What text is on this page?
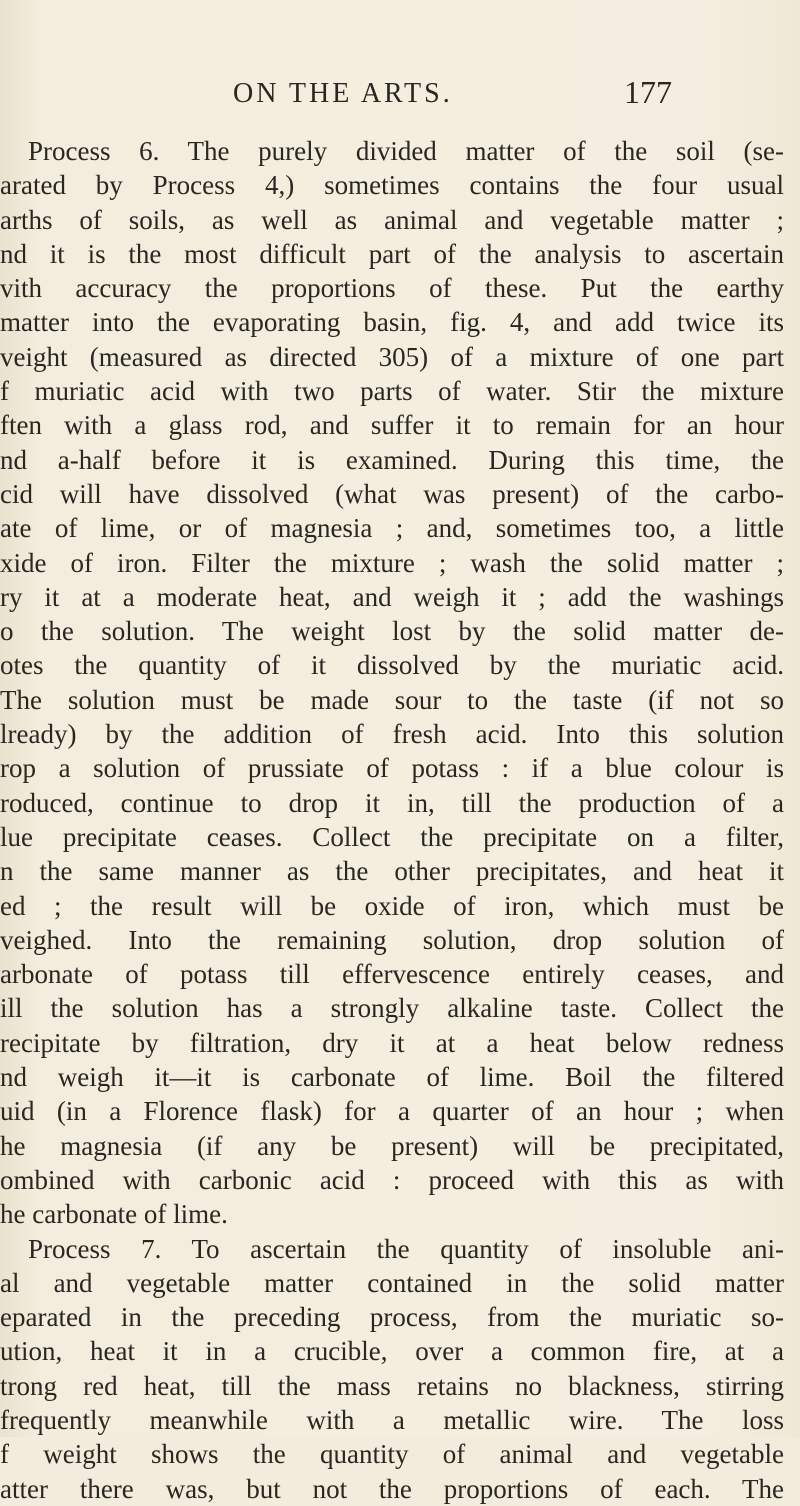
ON THE ARTS.	177
Process 6. The purely divided matter of the soil (se-
arated by Process 4,) sometimes contains the four usual
arths of soils, as well as animal and vegetable matter ;
nd it is the most difficult part of the analysis to ascertain
vith accuracy the proportions of these. Put the earthy
matter into the evaporating basin, fig. 4, and add twice its
veight (measured as directed 305) of a mixture of one part
f muriatic acid with two parts of water. Stir the mixture
ften with a glass rod, and suffer it to remain for an hour
nd a-half before it is examined. During this time, the
cid will have dissolved (what was present) of the carbo-
ate of lime, or of magnesia ; and, sometimes too, a little
xide of iron. Filter the mixture ; wash the solid matter ;
ry it at a moderate heat, and weigh it ; add the washings
o the solution. The weight lost by the solid matter de-
otes the quantity of it dissolved by the muriatic acid.
The solution must be made sour to the taste (if not so
lready) by the addition of fresh acid. Into this solution
rop a solution of prussiate of potass : if a blue colour is
roduced, continue to drop it in, till the production of a
lue precipitate ceases. Collect the precipitate on a filter,
n the same manner as the other precipitates, and heat it
ed ; the result will be oxide of iron, which must be
veighed. Into the remaining solution, drop solution of
arbonate of potass till effervescence entirely ceases, and
ill the solution has a strongly alkaline taste. Collect the
recipitate by filtration, dry it at a heat below redness
nd weigh it—it is carbonate of lime. Boil the filtered
uid (in a Florence flask) for a quarter of an hour ; when
he magnesia (if any be present) will be precipitated,
ombined with carbonic acid : proceed with this as with
he carbonate of lime.
Process 7. To ascertain the quantity of insoluble ani-
al and vegetable matter contained in the solid matter
eparated in the preceding process, from the muriatic so-
ution, heat it in a crucible, over a common fire, at a
trong red heat, till the mass retains no blackness, stirring
frequently meanwhile with a metallic wire. The loss
f weight shows the quantity of animal and vegetable
atter there was, but not the proportions of each. The
